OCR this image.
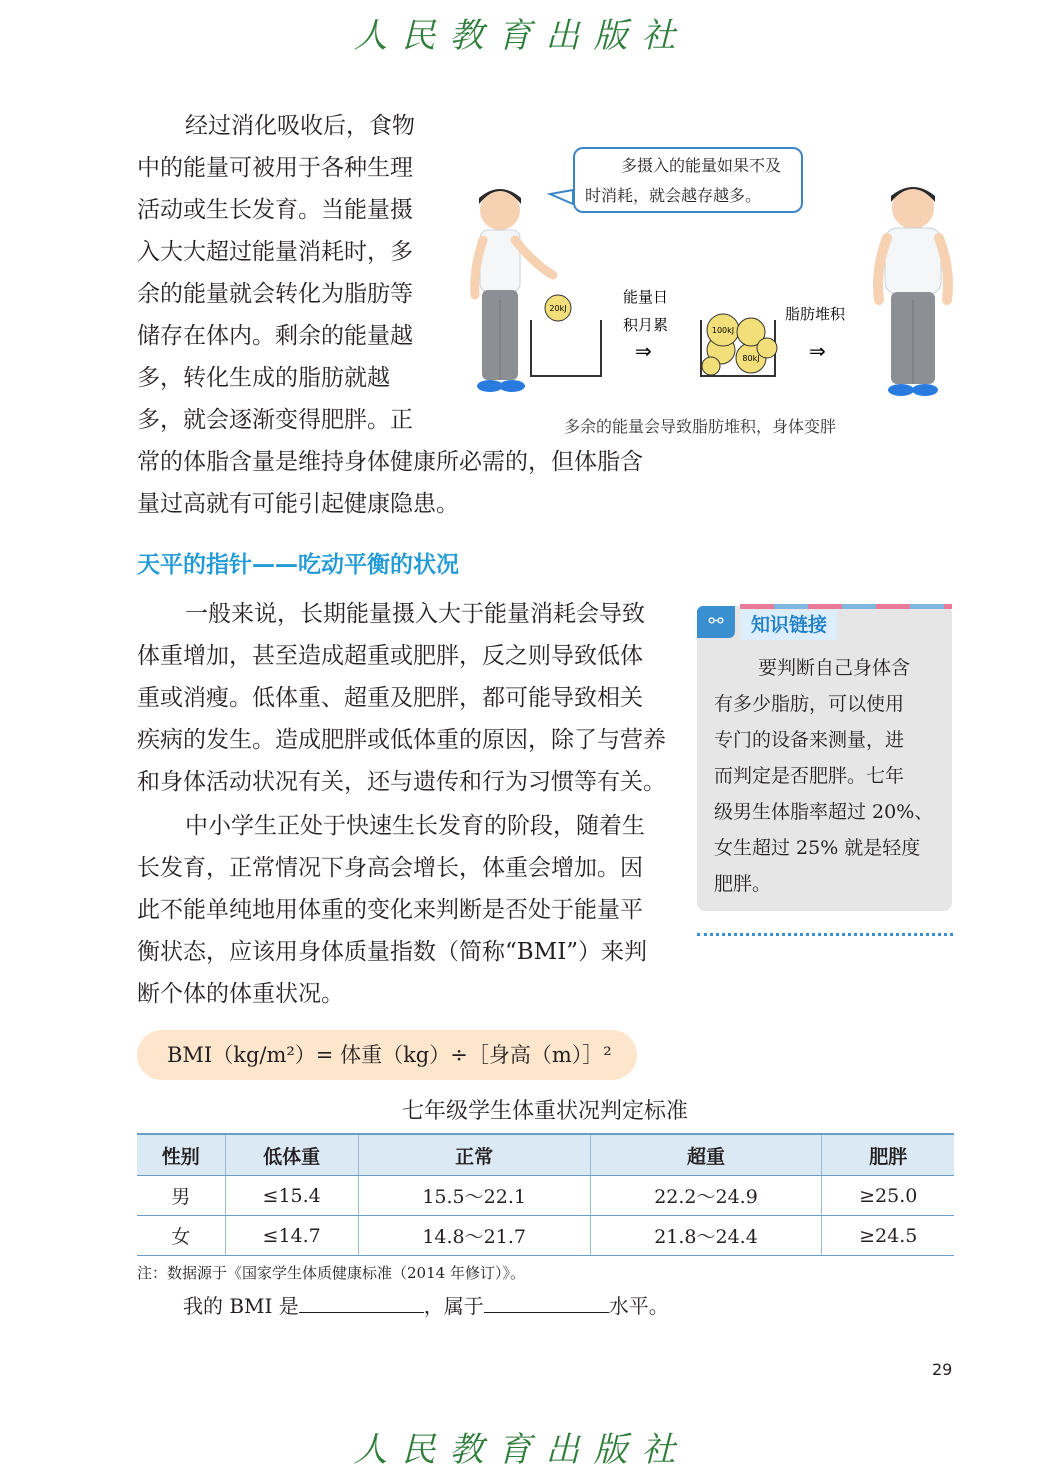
人民教育出版社
经过消化吸收后，食物
中的能量可被用于各种生理
活动或生长发育。当能量摄
入大大超过能量消耗时，多
余的能量就会转化为脂肪等
储存在体内。剩余的能量越
多，转化生成的脂肪就越
多，就会逐渐变得肥胖。正
常的体脂含量是维持身体健康所必需的，但体脂含
量过高就有可能引起健康隐患。
多摄入的能量如果不及
时消耗，就会越存越多。
20kJ
能量日
积月累
⇒
100kJ
80kJ
脂肪堆积
⇒
多余的能量会导致脂肪堆积，身体变胖
天平的指针——吃动平衡的状况
一般来说，长期能量摄入大于能量消耗会导致
体重增加，甚至造成超重或肥胖，反之则导致低体
重或消瘦。低体重、超重及肥胖，都可能导致相关
疾病的发生。造成肥胖或低体重的原因，除了与营养
和身体活动状况有关，还与遗传和行为习惯等有关。
中小学生正处于快速生长发育的阶段，随着生
长发育，正常情况下身高会增长，体重会增加。因
此不能单纯地用体重的变化来判断是否处于能量平
衡状态，应该用身体质量指数（简称“BMI”）来判
断个体的体重状况。
⚯	知识链接
要判断自己身体含
有多少脂肪，可以使用
专门的设备来测量，进
而判定是否肥胖。七年
级男生体脂率超过 20%、
女生超过 25% 就是轻度
肥胖。
BMI（kg/m²）= 体重（kg）÷［身高（m）］²
七年级学生体重状况判定标准
性别	低体重	正常	超重	肥胖
男	≤15.4	15.5～22.1	22.2～24.9	≥25.0
女	≤14.7	14.8～21.7	21.8～24.4	≥24.5
注：数据源于《国家学生体质健康标准（2014 年修订）》。
我的 BMI 是	，属于	水平。
29
人民教育出版社
